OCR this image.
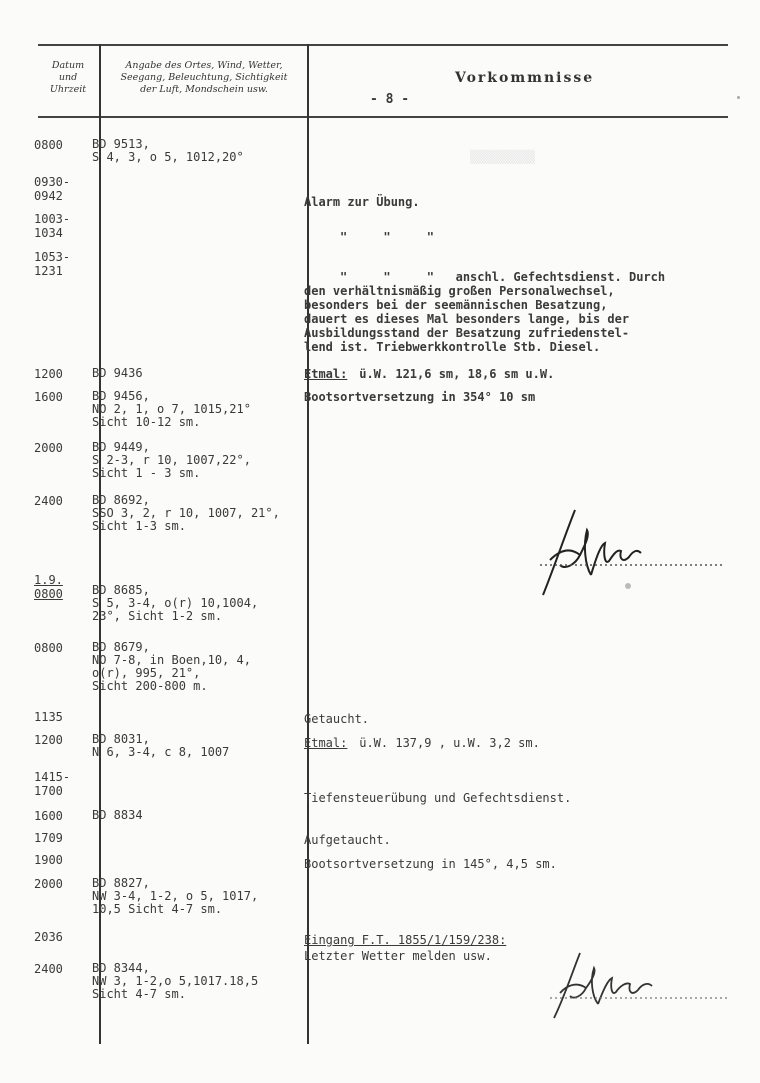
▒▒▒▒▒▒▒▒▒
Datum
und
Uhrzeit
Angabe des Ortes, Wind, Wetter,
Seegang, Beleuchtung, Sichtigkeit
der Luft, Mondschein usw.
Vorkommnisse
- 8 -
0800
0930-
0942
1003-
1034
1053-
1231
1200
1600
2000
2400
1.9.
0800
0800
1135
1200
1415-
1700
1600
1709
1900
2000
2036
2400
BD 9513,
S 4, 3, o 5, 1012,20°
BD 9436
BD 9456,
NO 2, 1, o 7, 1015,21°
Sicht 10-12 sm.
BD 9449,
S 2-3, r 10, 1007,22°,
Sicht 1 - 3 sm.
BD 8692,
SSO 3, 2, r 10, 1007, 21°,
Sicht 1-3 sm.
BD 8685,
S 5, 3-4, o(r) 10,1004,
23°, Sicht 1-2 sm.
BD 8679,
NO 7-8, in Boen,10, 4,
o(r), 995, 21°,
Sicht 200-800 m.
BD 8031,
N 6, 3-4, c 8, 1007
BD 8834
BD 8827,
NW 3-4, 1-2, o 5, 1017,
10,5 Sicht 4-7 sm.
BD 8344,
NW 3, 1-2,o 5,1017.18,5
Sicht 4-7 sm.
Alarm zur Übung.
"     "     "
"     "     "   anschl. Gefechtsdienst. Durch
den verhältnismäßig großen Personalwechsel,
besonders bei der seemännischen Besatzung,
dauert es dieses Mal besonders lange, bis der
Ausbildungsstand der Besatzung zufriedenstel-
lend ist. Triebwerkkontrolle Stb. Diesel.
Etmal: ü.W. 121,6 sm, 18,6 sm u.W.
Bootsortversetzung in 354° 10 sm
Getaucht.
Etmal: ü.W. 137,9 , u.W. 3,2 sm.
Tiefensteuerübung und Gefechtsdienst.
Aufgetaucht.
Bootsortversetzung in 145°, 4,5 sm.
Eingang F.T. 1855/1/159/238:
Letzter Wetter melden usw.
